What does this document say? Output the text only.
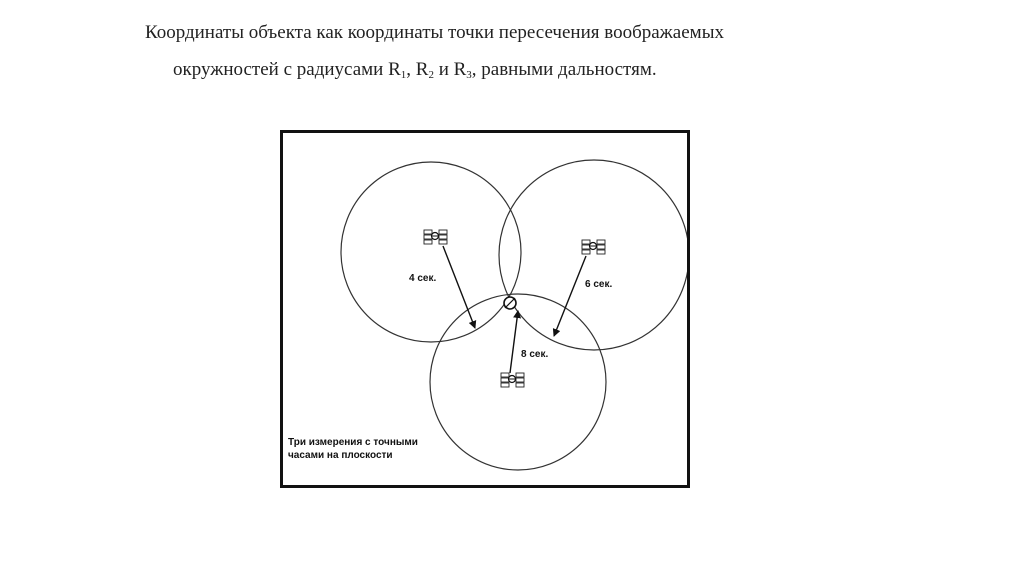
Координаты объекта как координаты точки пересечения воображаемых
окружностей с радиусами $R_1$, $R_2$ и $R_3$, равными дальностям.
4 сек.
6 сек.
8 сек.
Три измерения с точными
часами на плоскости
